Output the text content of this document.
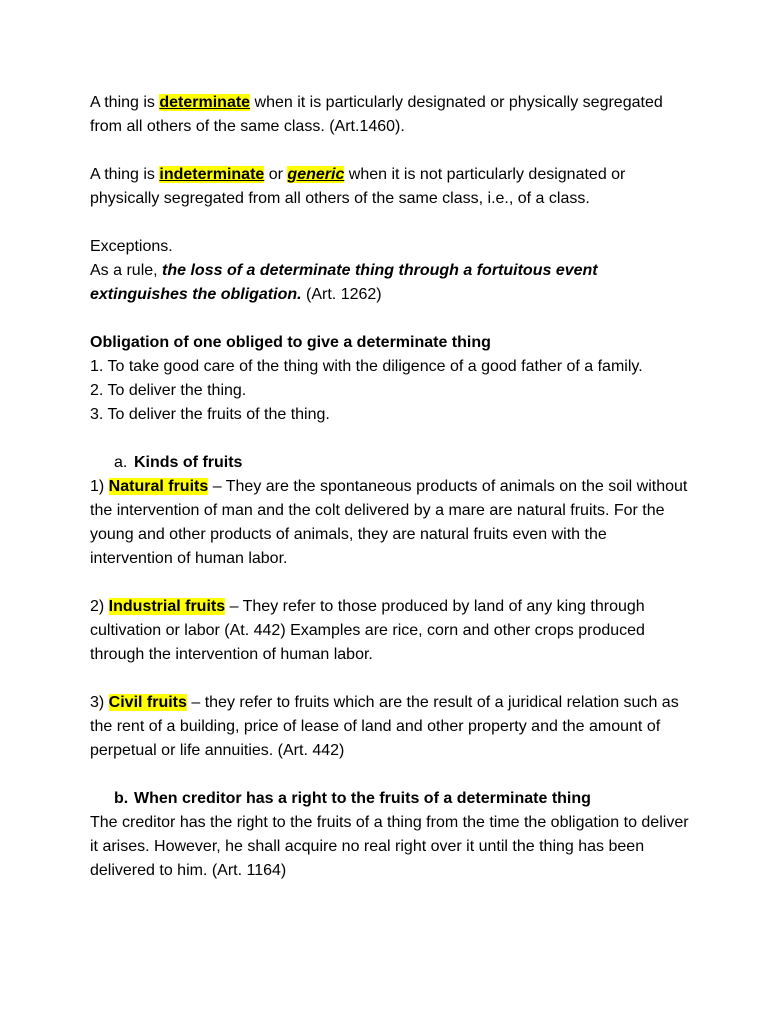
A thing is determinate when it is particularly designated or physically segregated from all others of the same class. (Art.1460).

A thing is indeterminate or generic when it is not particularly designated or physically segregated from all others of the same class, i.e., of a class.

Exceptions.

As a rule, the loss of a determinate thing through a fortuitous event extinguishes the obligation. (Art. 1262)

Obligation of one obliged to give a determinate thing

1. To take good care of the thing with the diligence of a good father of a family.

2. To deliver the thing.

3. To deliver the fruits of the thing.

a. Kinds of fruits

1) Natural fruits – They are the spontaneous products of animals on the soil without the intervention of man and the colt delivered by a mare are natural fruits. For the young and other products of animals, they are natural fruits even with the intervention of human labor.

2) Industrial fruits – They refer to those produced by land of any king through cultivation or labor (At. 442) Examples are rice, corn and other crops produced through the intervention of human labor.

3) Civil fruits – they refer to fruits which are the result of a juridical relation such as the rent of a building, price of lease of land and other property and the amount of perpetual or life annuities. (Art. 442)

b. When creditor has a right to the fruits of a determinate thing

The creditor has the right to the fruits of a thing from the time the obligation to deliver it arises. However, he shall acquire no real right over it until the thing has been delivered to him. (Art. 1164)
